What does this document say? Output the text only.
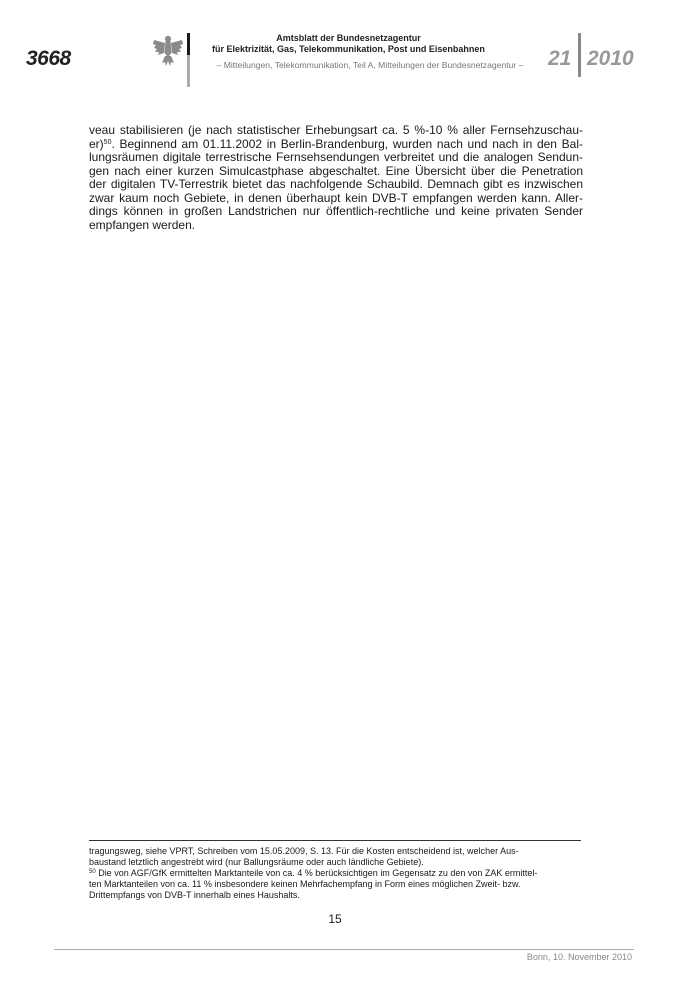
3668
Amtsblatt der Bundesnetzagentur
für Elektrizität, Gas, Telekommunikation, Post und Eisenbahnen
– Mitteilungen, Telekommunikation, Teil A, Mitteilungen der Bundesnetzagentur –	21 2010
veau stabilisieren (je nach statistischer Erhebungsart ca. 5 %-10 % aller Fernsehzuschau-
er)$^{50}$. Beginnend am 01.11.2002 in Berlin-Brandenburg, wurden nach und nach in den Bal-
lungsräumen digitale terrestrische Fernsehsendungen verbreitet und die analogen Sendun-
gen nach einer kurzen Simulcastphase abgeschaltet. Eine Übersicht über die Penetration
der digitalen TV-Terrestrik bietet das nachfolgende Schaubild. Demnach gibt es inzwischen
zwar kaum noch Gebiete, in denen überhaupt kein DVB-T empfangen werden kann. Aller-
dings können in großen Landstrichen nur öffentlich-rechtliche und keine privaten Sender
empfangen werden.
tragungsweg, siehe VPRT, Schreiben vom 15.05.2009, S. 13. Für die Kosten entscheidend ist, welcher Aus-
baustand letztlich angestrebt wird (nur Ballungsräume oder auch ländliche Gebiete).
$^{50}$ Die von AGF/GfK ermittelten Marktanteile von ca. 4 % berücksichtigen im Gegensatz zu den von ZAK ermittel-
ten Marktanteilen von ca. 11 % insbesondere keinen Mehrfachempfang in Form eines möglichen Zweit- bzw.
Drittempfangs von DVB-T innerhalb eines Haushalts.
15
Bonn, 10. November 2010
